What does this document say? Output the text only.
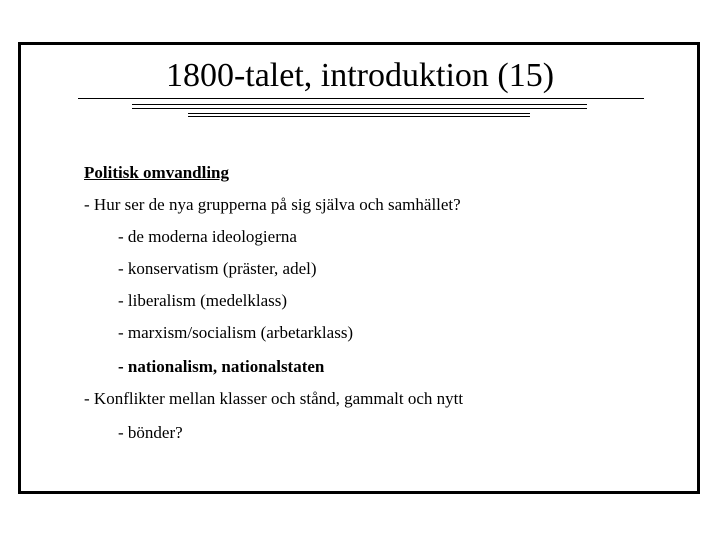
1800-talet, introduktion (15)
Politisk omvandling
- Hur ser de nya grupperna på sig själva och samhället?
- de moderna ideologierna
- konservatism (präster, adel)
- liberalism (medelklass)
- marxism/socialism (arbetarklass)
- nationalism, nationalstaten
- Konflikter mellan klasser och stånd, gammalt och nytt
- bönder?
